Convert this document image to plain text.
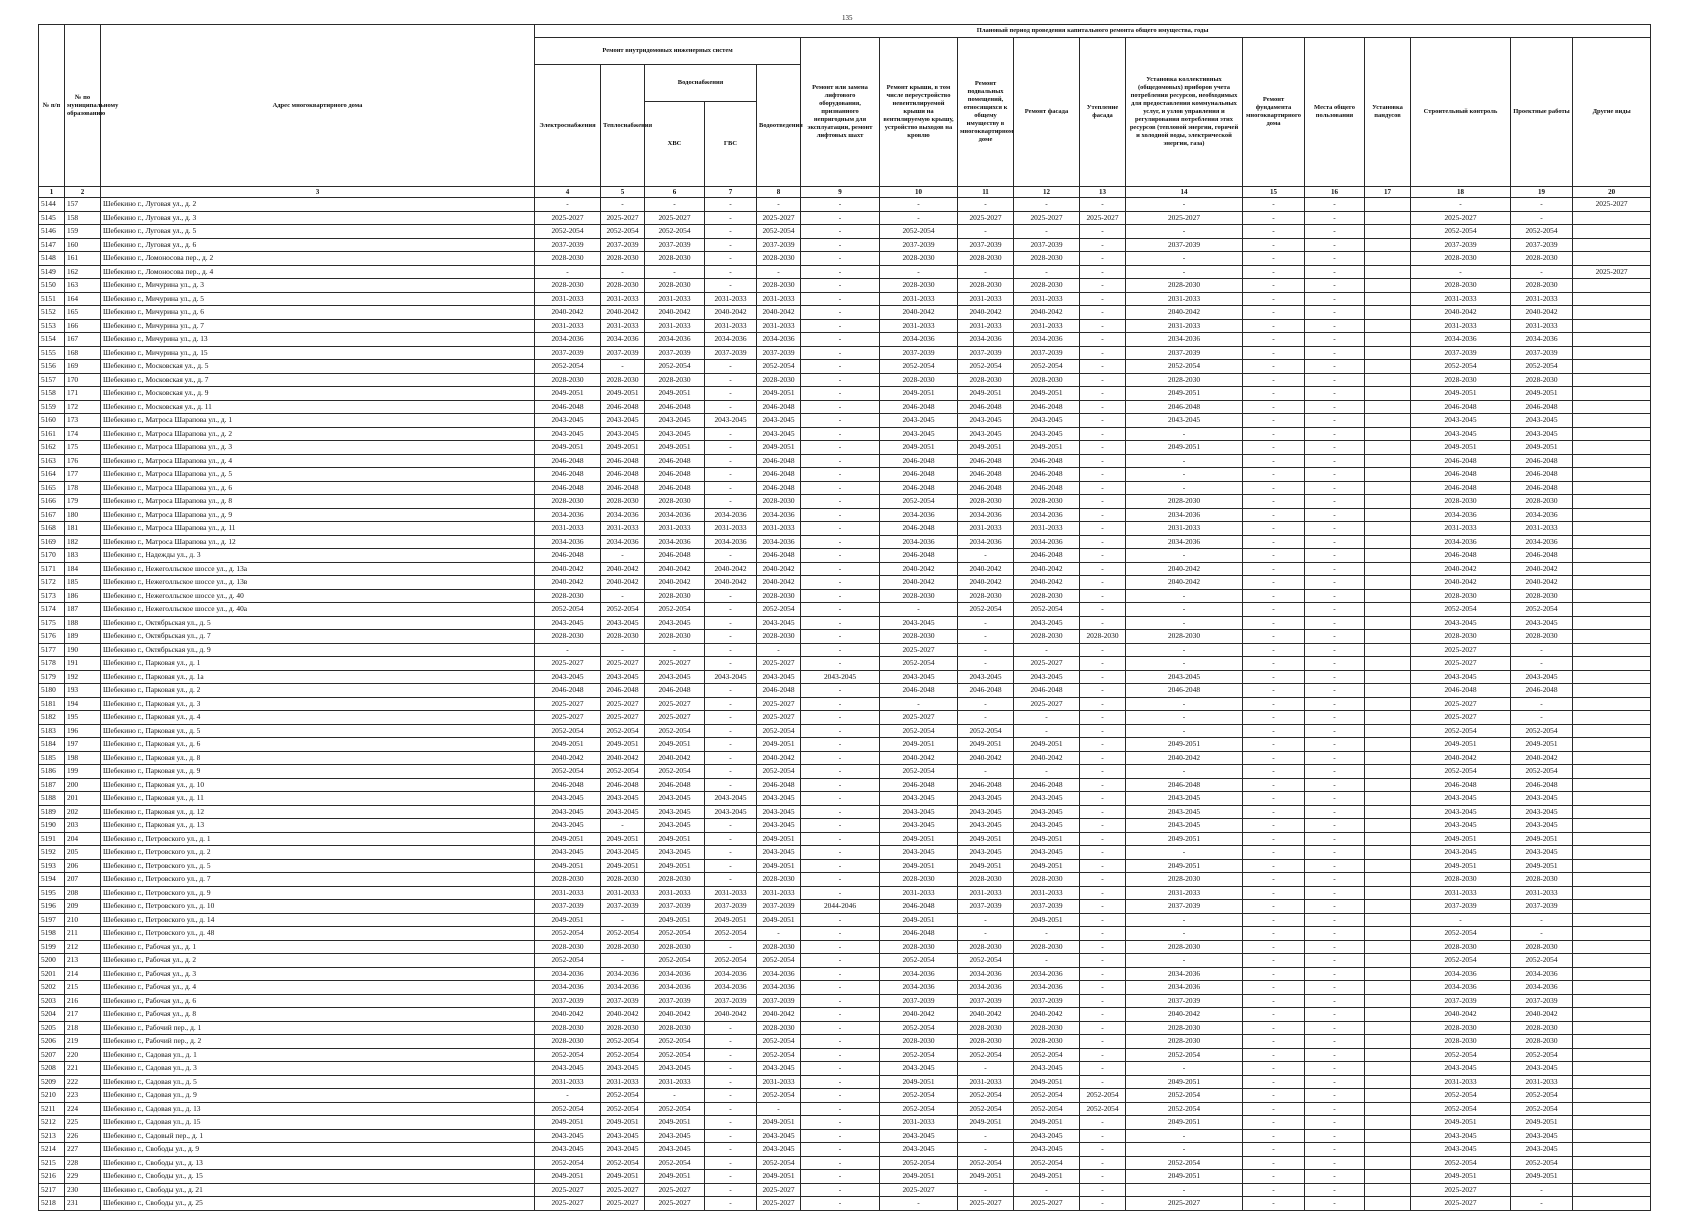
135
№ п/п	№ по муниципальному образованию	Адрес многоквартирного дома	Плановый период проведения капитального ремонта общего имущества, годы																
			Ремонт внутридомовых инженерных систем					Ремонт или замена лифтового оборудования, признанного непригодным для эксплуатации, ремонт лифтовых шахт	Ремонт крыши, в том числе переустройство невентилируемой крыши на вентилируемую крышу, устройство выходов на кровлю	Ремонт подвальных помещений, относящихся к общему имуществу в многоквартирном доме	Ремонт фасада	Утепление фасада	Установка коллективных (общедомовых) приборов учета потребления ресурсов, необходимых для предоставления коммунальных услуг, и узлов управления и регулирования потребления этих ресурсов (тепловой энергии, горячей и холодной воды, электрической энергии, газа)	Ремонт фундамента многоквартирного дома	Места общего пользования	Установка пандусов	Строительный контроль	Проектные работы	Другие виды
			Электроснабжения	Теплоснабжения	Водоснабжения		Водоотведения												
					ХВС	ГВС													
1	2	3	4	5	6	7	8	9	10	11	12	13	14	15	16	17	18	19	20
5144	157	Шебекино г., Луговая ул., д. 2	-	-	-	-	-	-	-	-	-	-	-	-	-		-	-	2025-2027
5145	158	Шебекино г., Луговая ул., д. 3	2025-2027	2025-2027	2025-2027	-	2025-2027	-	-	2025-2027	2025-2027	2025-2027	2025-2027	-	-		2025-2027	-	
5146	159	Шебекино г., Луговая ул., д. 5	2052-2054	2052-2054	2052-2054	-	2052-2054	-	2052-2054	-	-	-	-	-	-		2052-2054	2052-2054	
5147	160	Шебекино г., Луговая ул., д. 6	2037-2039	2037-2039	2037-2039	-	2037-2039	-	2037-2039	2037-2039	2037-2039	-	2037-2039	-	-		2037-2039	2037-2039	
5148	161	Шебекино г., Ломоносова пер., д. 2	2028-2030	2028-2030	2028-2030	-	2028-2030	-	2028-2030	2028-2030	2028-2030	-	-	-	-		2028-2030	2028-2030	
5149	162	Шебекино г., Ломоносова пер., д. 4	-	-	-	-	-	-	-	-	-	-	-	-	-		-	-	2025-2027
5150	163	Шебекино г., Мичурина ул., д. 3	2028-2030	2028-2030	2028-2030	-	2028-2030	-	2028-2030	2028-2030	2028-2030	-	2028-2030	-	-		2028-2030	2028-2030	
5151	164	Шебекино г., Мичурина ул., д. 5	2031-2033	2031-2033	2031-2033	2031-2033	2031-2033	-	2031-2033	2031-2033	2031-2033	-	2031-2033	-	-		2031-2033	2031-2033	
5152	165	Шебекино г., Мичурина ул., д. 6	2040-2042	2040-2042	2040-2042	2040-2042	2040-2042	-	2040-2042	2040-2042	2040-2042	-	2040-2042	-	-		2040-2042	2040-2042	
5153	166	Шебекино г., Мичурина ул., д. 7	2031-2033	2031-2033	2031-2033	2031-2033	2031-2033	-	2031-2033	2031-2033	2031-2033	-	2031-2033	-	-		2031-2033	2031-2033	
5154	167	Шебекино г., Мичурина ул., д. 13	2034-2036	2034-2036	2034-2036	2034-2036	2034-2036	-	2034-2036	2034-2036	2034-2036	-	2034-2036	-	-		2034-2036	2034-2036	
5155	168	Шебекино г., Мичурина ул., д. 15	2037-2039	2037-2039	2037-2039	2037-2039	2037-2039	-	2037-2039	2037-2039	2037-2039	-	2037-2039	-	-		2037-2039	2037-2039	
5156	169	Шебекино г., Московская ул., д. 5	2052-2054	-	2052-2054	-	2052-2054	-	2052-2054	2052-2054	2052-2054	-	2052-2054	-	-		2052-2054	2052-2054	
5157	170	Шебекино г., Московская ул., д. 7	2028-2030	2028-2030	2028-2030	-	2028-2030	-	2028-2030	2028-2030	2028-2030	-	2028-2030	-	-		2028-2030	2028-2030	
5158	171	Шебекино г., Московская ул., д. 9	2049-2051	2049-2051	2049-2051	-	2049-2051	-	2049-2051	2049-2051	2049-2051	-	2049-2051	-	-		2049-2051	2049-2051	
5159	172	Шебекино г., Московская ул., д. 11	2046-2048	2046-2048	2046-2048	-	2046-2048	-	2046-2048	2046-2048	2046-2048	-	2046-2048	-	-		2046-2048	2046-2048	
5160	173	Шебекино г., Матроса Шарапова ул., д. 1	2043-2045	2043-2045	2043-2045	2043-2045	2043-2045	-	2043-2045	2043-2045	2043-2045	-	2043-2045	-	-		2043-2045	2043-2045	
5161	174	Шебекино г., Матроса Шарапова ул., д. 2	2043-2045	2043-2045	2043-2045	-	2043-2045	-	2043-2045	2043-2045	2043-2045	-	-	-	-		2043-2045	2043-2045	
5162	175	Шебекино г., Матроса Шарапова ул., д. 3	2049-2051	2049-2051	2049-2051	-	2049-2051	-	2049-2051	2049-2051	2049-2051	-	2049-2051	-	-		2049-2051	2049-2051	
5163	176	Шебекино г., Матроса Шарапова ул., д. 4	2046-2048	2046-2048	2046-2048	-	2046-2048	-	2046-2048	2046-2048	2046-2048	-	-	-	-		2046-2048	2046-2048	
5164	177	Шебекино г., Матроса Шарапова ул., д. 5	2046-2048	2046-2048	2046-2048	-	2046-2048	-	2046-2048	2046-2048	2046-2048	-	-	-	-		2046-2048	2046-2048	
5165	178	Шебекино г., Матроса Шарапова ул., д. 6	2046-2048	2046-2048	2046-2048	-	2046-2048	-	2046-2048	2046-2048	2046-2048	-	-	-	-		2046-2048	2046-2048	
5166	179	Шебекино г., Матроса Шарапова ул., д. 8	2028-2030	2028-2030	2028-2030	-	2028-2030	-	2052-2054	2028-2030	2028-2030	-	2028-2030	-	-		2028-2030	2028-2030	
5167	180	Шебекино г., Матроса Шарапова ул., д. 9	2034-2036	2034-2036	2034-2036	2034-2036	2034-2036	-	2034-2036	2034-2036	2034-2036	-	2034-2036	-	-		2034-2036	2034-2036	
5168	181	Шебекино г., Матроса Шарапова ул., д. 11	2031-2033	2031-2033	2031-2033	2031-2033	2031-2033	-	2046-2048	2031-2033	2031-2033	-	2031-2033	-	-		2031-2033	2031-2033	
5169	182	Шебекино г., Матроса Шарапова ул., д. 12	2034-2036	2034-2036	2034-2036	2034-2036	2034-2036	-	2034-2036	2034-2036	2034-2036	-	2034-2036	-	-		2034-2036	2034-2036	
5170	183	Шебекино г., Надежды ул., д. 3	2046-2048	-	2046-2048	-	2046-2048	-	2046-2048	-	2046-2048	-	-	-	-		2046-2048	2046-2048	
5171	184	Шебекино г., Нежеголльское шоссе ул., д. 13а	2040-2042	2040-2042	2040-2042	2040-2042	2040-2042	-	2040-2042	2040-2042	2040-2042	-	2040-2042	-	-		2040-2042	2040-2042	
5172	185	Шебекино г., Нежеголльское шоссе ул., д. 13в	2040-2042	2040-2042	2040-2042	2040-2042	2040-2042	-	2040-2042	2040-2042	2040-2042	-	2040-2042	-	-		2040-2042	2040-2042	
5173	186	Шебекино г., Нежеголльское шоссе ул., д. 40	2028-2030	-	2028-2030	-	2028-2030	-	2028-2030	2028-2030	2028-2030	-	-	-	-		2028-2030	2028-2030	
5174	187	Шебекино г., Нежеголльское шоссе ул., д. 40а	2052-2054	2052-2054	2052-2054	-	2052-2054	-	-	2052-2054	2052-2054	-	-	-	-		2052-2054	2052-2054	
5175	188	Шебекино г., Октябрьская ул., д. 5	2043-2045	2043-2045	2043-2045	-	2043-2045	-	2043-2045	-	2043-2045	-	-	-	-		2043-2045	2043-2045	
5176	189	Шебекино г., Октябрьская ул., д. 7	2028-2030	2028-2030	2028-2030	-	2028-2030	-	2028-2030	-	2028-2030	2028-2030	2028-2030	-	-		2028-2030	2028-2030	
5177	190	Шебекино г., Октябрьская ул., д. 9	-	-	-	-	-	-	2025-2027	-	-	-	-	-	-		2025-2027	-	
5178	191	Шебекино г., Парковая ул., д. 1	2025-2027	2025-2027	2025-2027	-	2025-2027	-	2052-2054	-	2025-2027	-	-	-	-		2025-2027	-	
5179	192	Шебекино г., Парковая ул., д. 1а	2043-2045	2043-2045	2043-2045	2043-2045	2043-2045	2043-2045	2043-2045	2043-2045	2043-2045	-	2043-2045	-	-		2043-2045	2043-2045	
5180	193	Шебекино г., Парковая ул., д. 2	2046-2048	2046-2048	2046-2048	-	2046-2048	-	2046-2048	2046-2048	2046-2048	-	2046-2048	-	-		2046-2048	2046-2048	
5181	194	Шебекино г., Парковая ул., д. 3	2025-2027	2025-2027	2025-2027	-	2025-2027	-	-	-	2025-2027	-	-	-	-		2025-2027	-	
5182	195	Шебекино г., Парковая ул., д. 4	2025-2027	2025-2027	2025-2027	-	2025-2027	-	2025-2027	-	-	-	-	-	-		2025-2027	-	
5183	196	Шебекино г., Парковая ул., д. 5	2052-2054	2052-2054	2052-2054	-	2052-2054	-	2052-2054	2052-2054	-	-	-	-	-		2052-2054	2052-2054	
5184	197	Шебекино г., Парковая ул., д. 6	2049-2051	2049-2051	2049-2051	-	2049-2051	-	2049-2051	2049-2051	2049-2051	-	2049-2051	-	-		2049-2051	2049-2051	
5185	198	Шебекино г., Парковая ул., д. 8	2040-2042	2040-2042	2040-2042	-	2040-2042	-	2040-2042	2040-2042	2040-2042	-	2040-2042	-	-		2040-2042	2040-2042	
5186	199	Шебекино г., Парковая ул., д. 9	2052-2054	2052-2054	2052-2054	-	2052-2054	-	2052-2054	-	-	-	-	-	-		2052-2054	2052-2054	
5187	200	Шебекино г., Парковая ул., д. 10	2046-2048	2046-2048	2046-2048	-	2046-2048	-	2046-2048	2046-2048	2046-2048	-	2046-2048	-	-		2046-2048	2046-2048	
5188	201	Шебекино г., Парковая ул., д. 11	2043-2045	2043-2045	2043-2045	2043-2045	2043-2045	-	2043-2045	2043-2045	2043-2045	-	2043-2045	-	-		2043-2045	2043-2045	
5189	202	Шебекино г., Парковая ул., д. 12	2043-2045	2043-2045	2043-2045	2043-2045	2043-2045	-	2043-2045	2043-2045	2043-2045	-	2043-2045	-	-		2043-2045	2043-2045	
5190	203	Шебекино г., Парковая ул., д. 13	2043-2045	-	2043-2045	-	2043-2045	-	2043-2045	2043-2045	2043-2045	-	2043-2045	-	-		2043-2045	2043-2045	
5191	204	Шебекино г., Петровского ул., д. 1	2049-2051	2049-2051	2049-2051	-	2049-2051	-	2049-2051	2049-2051	2049-2051	-	2049-2051	-	-		2049-2051	2049-2051	
5192	205	Шебекино г., Петровского ул., д. 2	2043-2045	2043-2045	2043-2045	-	2043-2045	-	2043-2045	2043-2045	2043-2045	-	-	-	-		2043-2045	2043-2045	
5193	206	Шебекино г., Петровского ул., д. 5	2049-2051	2049-2051	2049-2051	-	2049-2051	-	2049-2051	2049-2051	2049-2051	-	2049-2051	-	-		2049-2051	2049-2051	
5194	207	Шебекино г., Петровского ул., д. 7	2028-2030	2028-2030	2028-2030	-	2028-2030	-	2028-2030	2028-2030	2028-2030	-	2028-2030	-	-		2028-2030	2028-2030	
5195	208	Шебекино г., Петровского ул., д. 9	2031-2033	2031-2033	2031-2033	2031-2033	2031-2033	-	2031-2033	2031-2033	2031-2033	-	2031-2033	-	-		2031-2033	2031-2033	
5196	209	Шебекино г., Петровского ул., д. 10	2037-2039	2037-2039	2037-2039	2037-2039	2037-2039	2044-2046	2046-2048	2037-2039	2037-2039	-	2037-2039	-	-		2037-2039	2037-2039	
5197	210	Шебекино г., Петровского ул., д. 14	2049-2051	-	2049-2051	2049-2051	2049-2051	-	2049-2051	-	2049-2051	-	-	-	-		-	-	
5198	211	Шебекино г., Петровского ул., д. 48	2052-2054	2052-2054	2052-2054	2052-2054	-	-	2046-2048	-	-	-	-	-	-		2052-2054	-	
5199	212	Шебекино г., Рабочая ул., д. 1	2028-2030	2028-2030	2028-2030	-	2028-2030	-	2028-2030	2028-2030	2028-2030	-	2028-2030	-	-		2028-2030	2028-2030	
5200	213	Шебекино г., Рабочая ул., д. 2	2052-2054	-	2052-2054	2052-2054	2052-2054	-	2052-2054	2052-2054	-	-	-	-	-		2052-2054	2052-2054	
5201	214	Шебекино г., Рабочая ул., д. 3	2034-2036	2034-2036	2034-2036	2034-2036	2034-2036	-	2034-2036	2034-2036	2034-2036	-	2034-2036	-	-		2034-2036	2034-2036	
5202	215	Шебекино г., Рабочая ул., д. 4	2034-2036	2034-2036	2034-2036	2034-2036	2034-2036	-	2034-2036	2034-2036	2034-2036	-	2034-2036	-	-		2034-2036	2034-2036	
5203	216	Шебекино г., Рабочая ул., д. 6	2037-2039	2037-2039	2037-2039	2037-2039	2037-2039	-	2037-2039	2037-2039	2037-2039	-	2037-2039	-	-		2037-2039	2037-2039	
5204	217	Шебекино г., Рабочая ул., д. 8	2040-2042	2040-2042	2040-2042	2040-2042	2040-2042	-	2040-2042	2040-2042	2040-2042	-	2040-2042	-	-		2040-2042	2040-2042	
5205	218	Шебекино г., Рабочий пер., д. 1	2028-2030	2028-2030	2028-2030	-	2028-2030	-	2052-2054	2028-2030	2028-2030	-	2028-2030	-	-		2028-2030	2028-2030	
5206	219	Шебекино г., Рабочий пер., д. 2	2028-2030	2052-2054	2052-2054	-	2052-2054	-	2028-2030	2028-2030	2028-2030	-	2028-2030	-	-		2028-2030	2028-2030	
5207	220	Шебекино г., Садовая ул., д. 1	2052-2054	2052-2054	2052-2054	-	2052-2054	-	2052-2054	2052-2054	2052-2054	-	2052-2054	-	-		2052-2054	2052-2054	
5208	221	Шебекино г., Садовая ул., д. 3	2043-2045	2043-2045	2043-2045	-	2043-2045	-	2043-2045	-	2043-2045	-	-	-	-		2043-2045	2043-2045	
5209	222	Шебекино г., Садовая ул., д. 5	2031-2033	2031-2033	2031-2033	-	2031-2033	-	2049-2051	2031-2033	2049-2051	-	2049-2051	-	-		2031-2033	2031-2033	
5210	223	Шебекино г., Садовая ул., д. 9	-	2052-2054	-	-	2052-2054	-	2052-2054	2052-2054	2052-2054	2052-2054	2052-2054	-	-		2052-2054	2052-2054	
5211	224	Шебекино г., Садовая ул., д. 13	2052-2054	2052-2054	2052-2054	-	-	-	2052-2054	2052-2054	2052-2054	2052-2054	2052-2054	-	-		2052-2054	2052-2054	
5212	225	Шебекино г., Садовая ул., д. 15	2049-2051	2049-2051	2049-2051	-	2049-2051	-	2031-2033	2049-2051	2049-2051	-	2049-2051	-	-		2049-2051	2049-2051	
5213	226	Шебекино г., Садовый пер., д. 1	2043-2045	2043-2045	2043-2045	-	2043-2045	-	2043-2045	-	2043-2045	-	-	-	-		2043-2045	2043-2045	
5214	227	Шебекино г., Свободы ул., д. 9	2043-2045	2043-2045	2043-2045	-	2043-2045	-	2043-2045	-	2043-2045	-	-	-	-		2043-2045	2043-2045	
5215	228	Шебекино г., Свободы ул., д. 13	2052-2054	2052-2054	2052-2054	-	2052-2054	-	2052-2054	2052-2054	2052-2054	-	2052-2054	-	-		2052-2054	2052-2054	
5216	229	Шебекино г., Свободы ул., д. 15	2049-2051	2049-2051	2049-2051	-	2049-2051	-	2049-2051	2049-2051	2049-2051	-	2049-2051	-	-		2049-2051	2049-2051	
5217	230	Шебекино г., Свободы ул., д. 21	2025-2027	2025-2027	2025-2027	-	2025-2027	-	2025-2027	-	-	-	-	-	-		2025-2027	-	
5218	231	Шебекино г., Свободы ул., д. 25	2025-2027	2025-2027	2025-2027	-	2025-2027	-	-	2025-2027	2025-2027	-	2025-2027	-	-		2025-2027	-	
